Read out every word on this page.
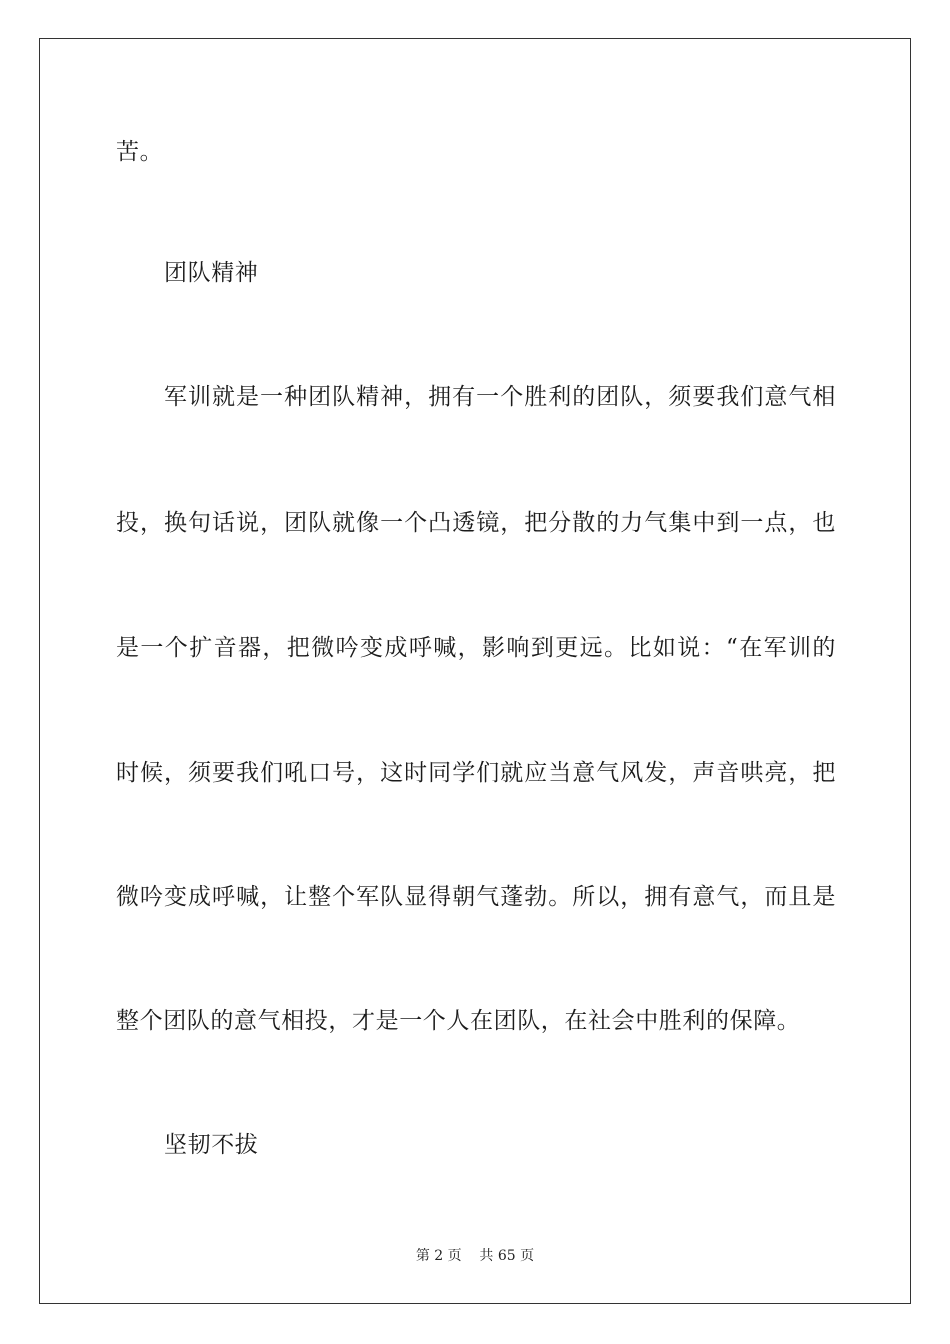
苦。
团队精神
军训就是一种团队精神，拥有一个胜利的团队，须要我们意气相
投，换句话说，团队就像一个凸透镜，把分散的力气集中到一点，也
是一个扩音器，把微吟变成呼喊，影响到更远。比如说：“在军训的
时候，须要我们吼口号，这时同学们就应当意气风发，声音哄亮，把
微吟变成呼喊，让整个军队显得朝气蓬勃。所以，拥有意气，而且是
整个团队的意气相投，才是一个人在团队，在社会中胜利的保障。
坚韧不拔
第 2 页    共 65 页
